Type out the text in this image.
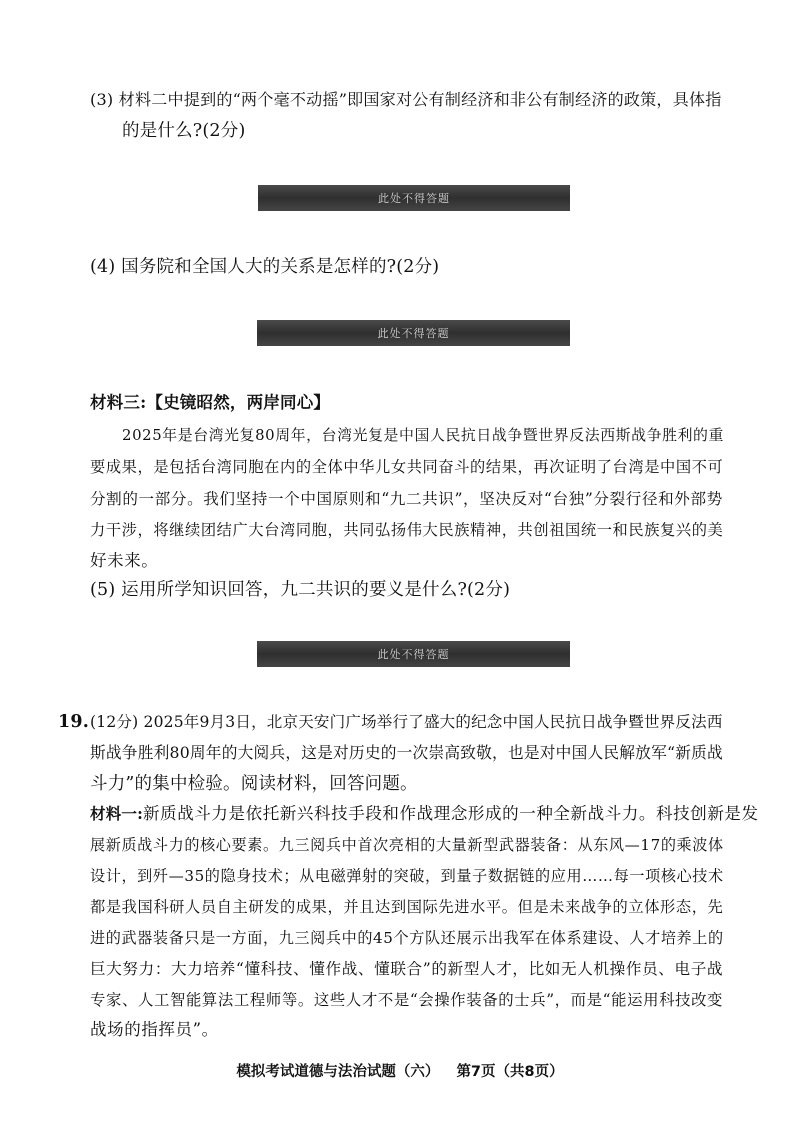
(3) 材料二中提到的“两个毫不动摇”即国家对公有制经济和非公有制经济的政策，具体指
的是什么?(2分)
此处不得答题
(4) 国务院和全国人大的关系是怎样的?(2分)
此处不得答题
材料三:【史镜昭然，两岸同心】
2025年是台湾光复80周年，台湾光复是中国人民抗日战争暨世界反法西斯战争胜利的重
要成果，是包括台湾同胞在内的全体中华儿女共同奋斗的结果，再次证明了台湾是中国不可
分割的一部分。我们坚持一个中国原则和“九二共识”，坚决反对“台独”分裂行径和外部势
力干涉，将继续团结广大台湾同胞，共同弘扬伟大民族精神，共创祖国统一和民族复兴的美
好未来。
(5) 运用所学知识回答，九二共识的要义是什么?(2分)
此处不得答题
19. (12分) 2025年9月3日，北京天安门广场举行了盛大的纪念中国人民抗日战争暨世界反法西
斯战争胜利80周年的大阅兵，这是对历史的一次崇高致敬，也是对中国人民解放军“新质战
斗力”的集中检验。阅读材料，回答问题。
材料一:新质战斗力是依托新兴科技手段和作战理念形成的一种全新战斗力。科技创新是发
展新质战斗力的核心要素。九三阅兵中首次亮相的大量新型武器装备：从东风—17的乘波体
设计，到歼—35的隐身技术；从电磁弹射的突破，到量子数据链的应用……每一项核心技术
都是我国科研人员自主研发的成果，并且达到国际先进水平。但是未来战争的立体形态，先
进的武器装备只是一方面，九三阅兵中的45个方队还展示出我军在体系建设、人才培养上的
巨大努力：大力培养“懂科技、懂作战、懂联合”的新型人才，比如无人机操作员、电子战
专家、人工智能算法工程师等。这些人才不是“会操作装备的士兵”，而是“能运用科技改变
战场的指挥员”。
模拟考试道德与法治试题（六） 第7页（共8页）
